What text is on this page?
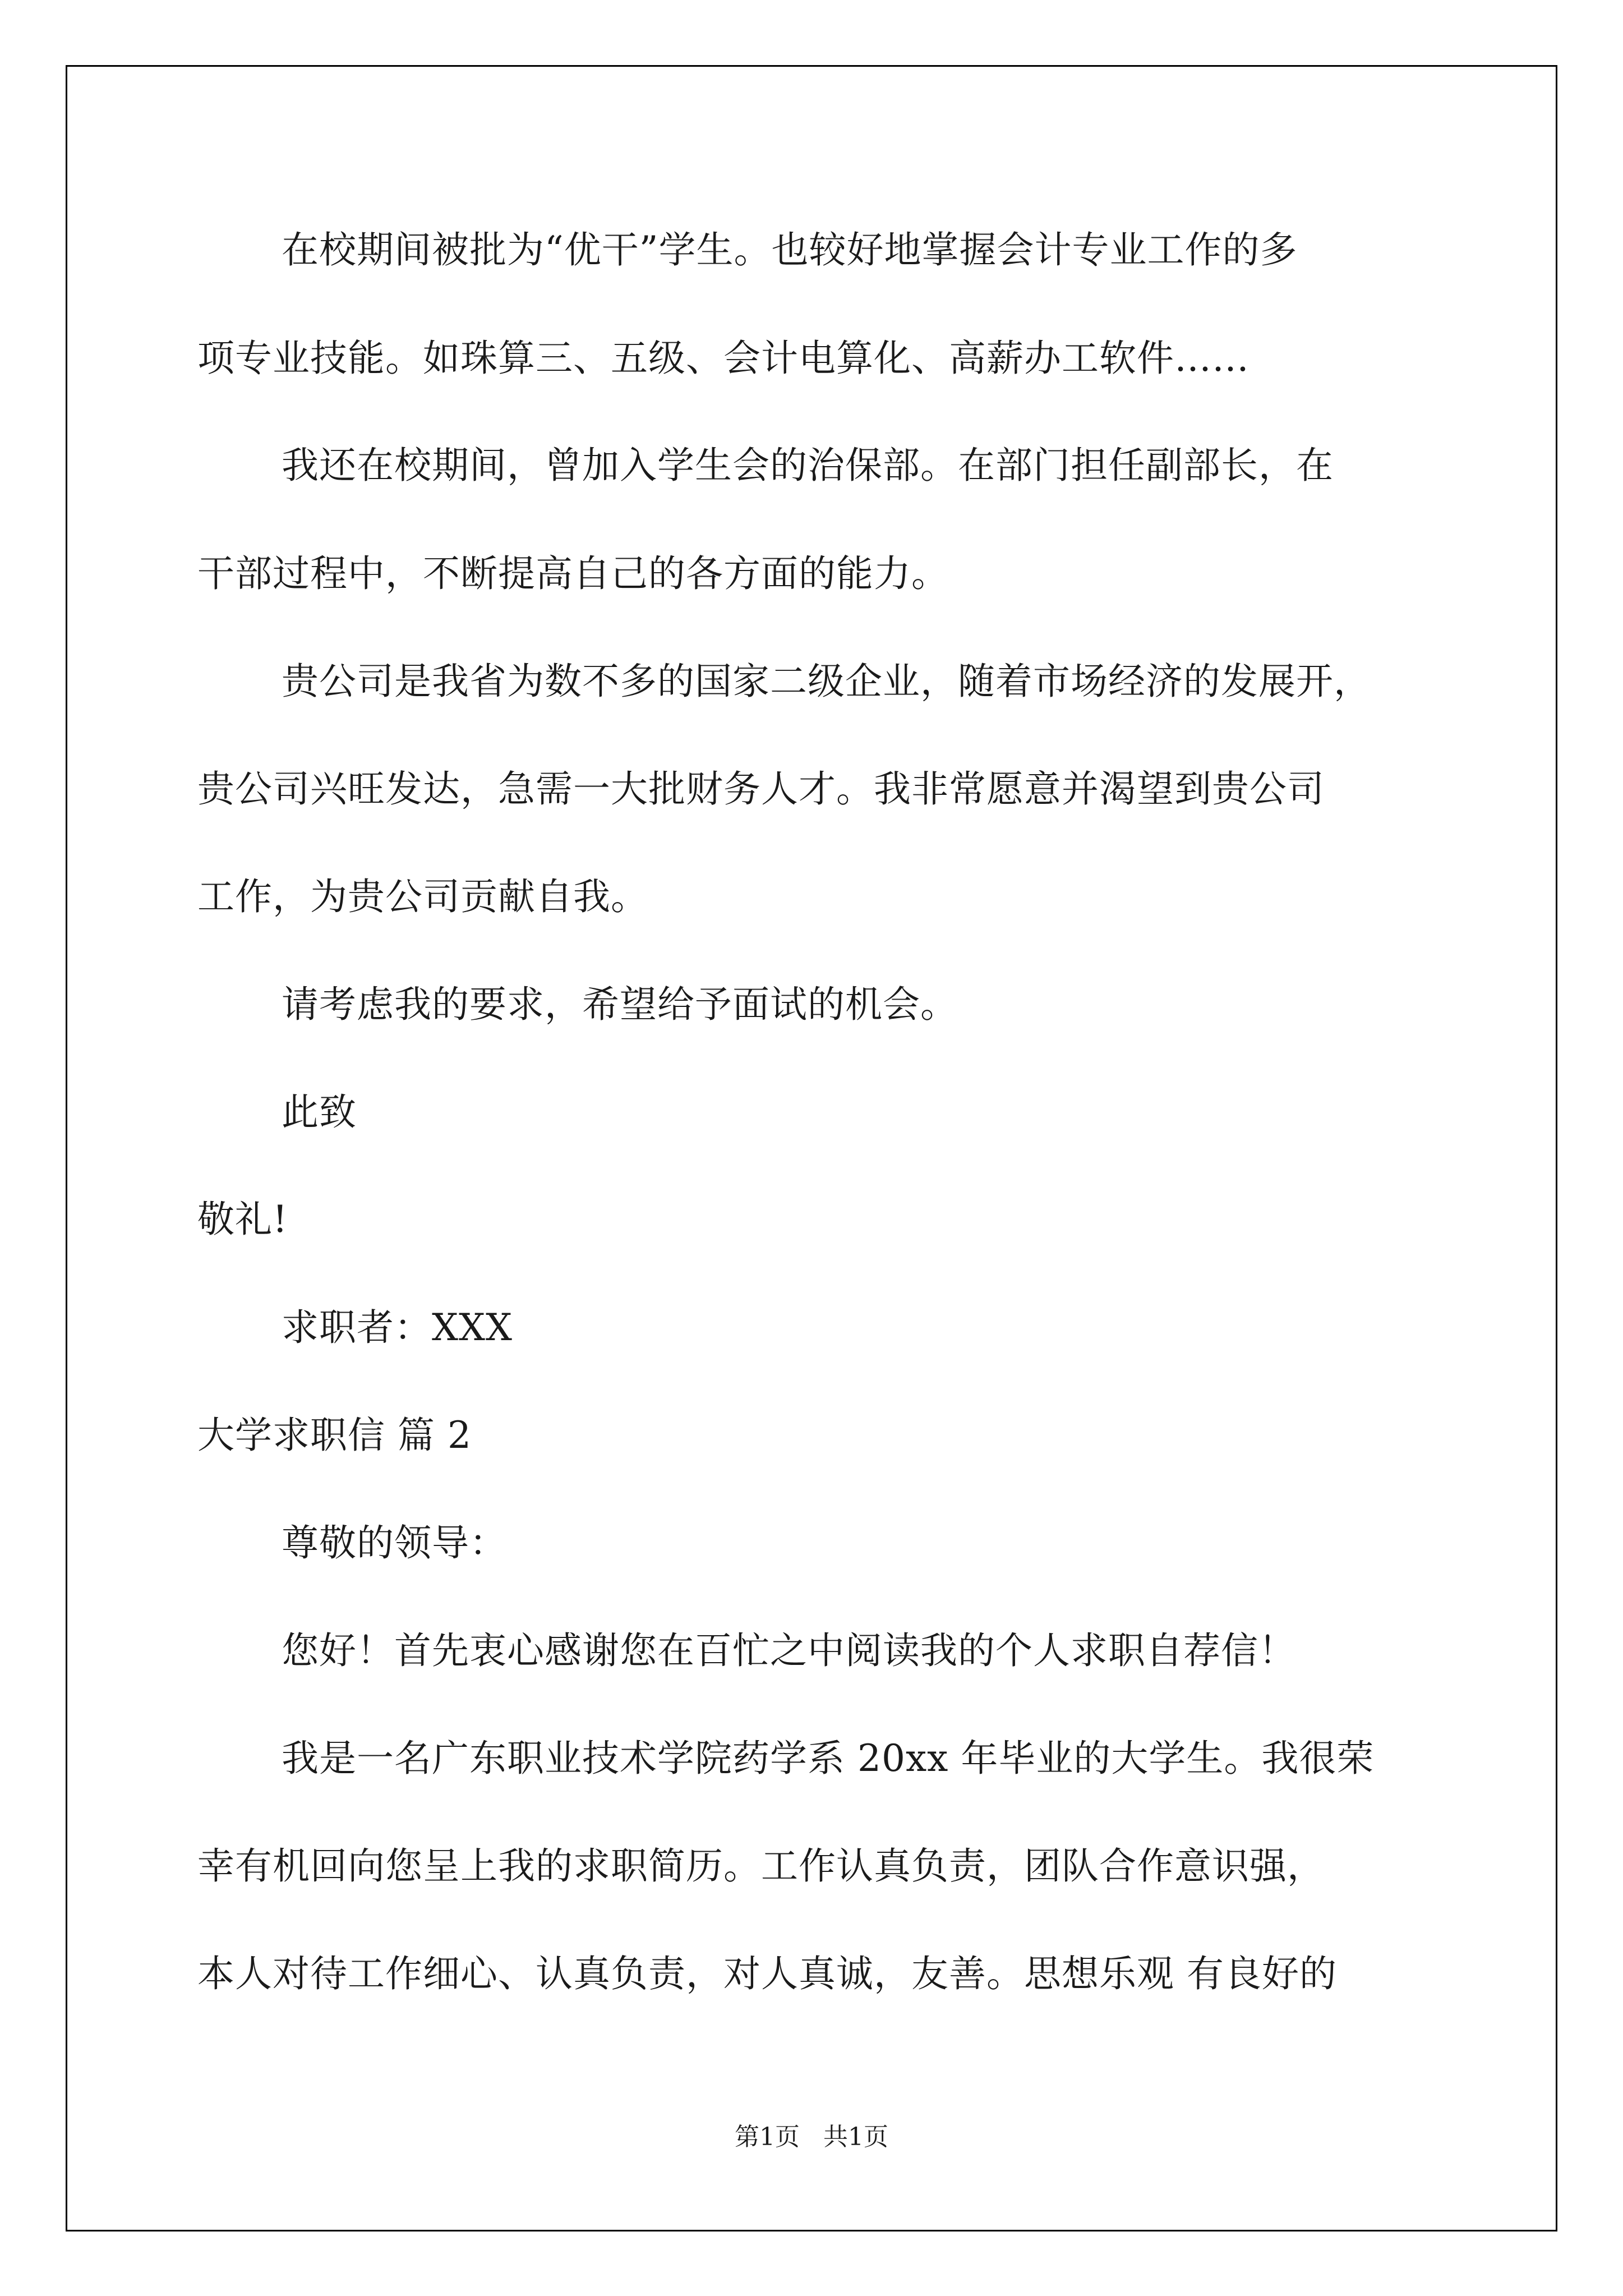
在校期间被批为“优干”学生。也较好地掌握会计专业工作的多
项专业技能。如珠算三、五级、会计电算化、高薪办工软件……
我还在校期间，曾加入学生会的治保部。在部门担任副部长，在
干部过程中，不断提高自己的各方面的能力。
贵公司是我省为数不多的国家二级企业，随着市场经济的发展开，
贵公司兴旺发达，急需一大批财务人才。我非常愿意并渴望到贵公司
工作，为贵公司贡献自我。
请考虑我的要求，希望给予面试的机会。
此致
敬礼!
求职者：XXX
大学求职信 篇 2
尊敬的领导：
您好！首先衷心感谢您在百忙之中阅读我的个人求职自荐信！
我是一名广东职业技术学院药学系 20xx 年毕业的大学生。我很荣
幸有机回向您呈上我的求职简历。工作认真负责，团队合作意识强，
本人对待工作细心、认真负责，对人真诚，友善。思想乐观 有良好的
第1页   共1页
